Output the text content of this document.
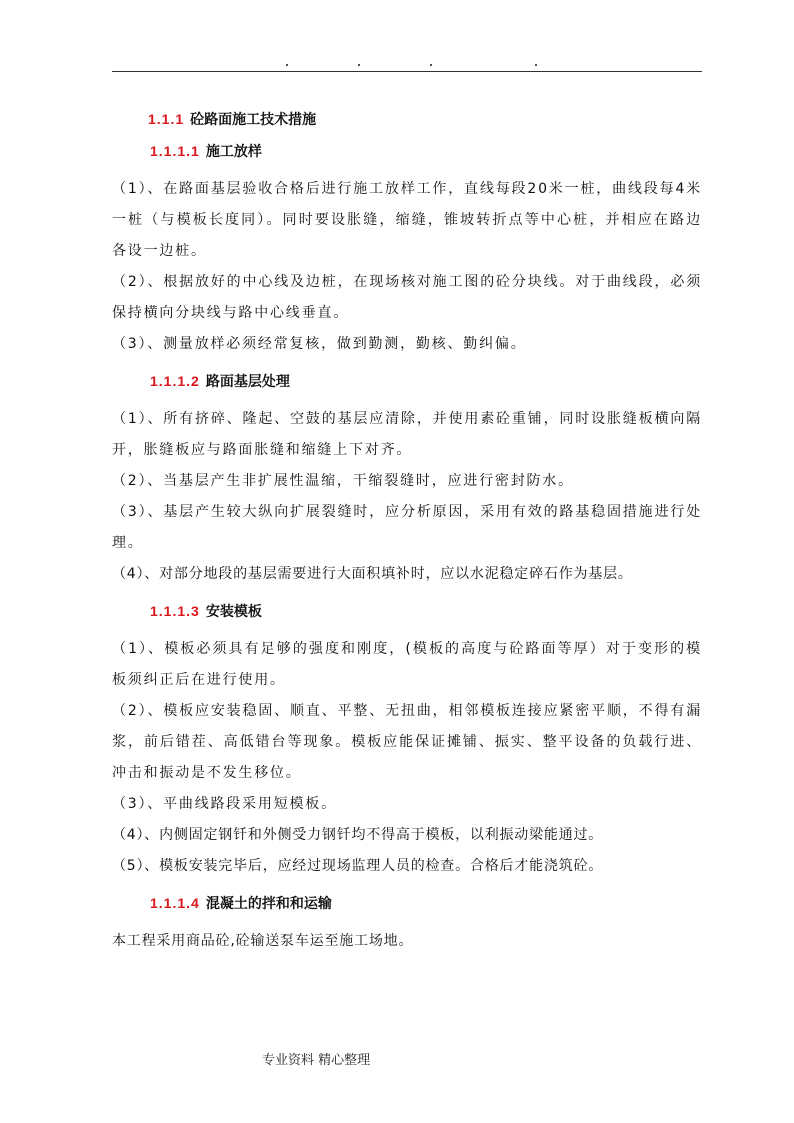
1.1.1 砼路面施工技术措施
1.1.1.1 施工放样

（1）、在路面基层验收合格后进行施工放样工作，直线每段20米一桩，曲线段每4米一桩（与模板长度同）。同时要设胀缝，缩缝，锥坡转折点等中心桩，并相应在路边各设一边桩。

（2）、根据放好的中心线及边桩，在现场核对施工图的砼分块线。对于曲线段，必须保持横向分块线与路中心线垂直。

（3）、测量放样必须经常复核，做到勤测，勤核、勤纠偏。

1.1.1.2 路面基层处理

（1）、所有挤碎、隆起、空鼓的基层应清除，并使用素砼重铺，同时设胀缝板横向隔开，胀缝板应与路面胀缝和缩缝上下对齐。

（2）、当基层产生非扩展性温缩，干缩裂缝时，应进行密封防水。

（3）、基层产生较大纵向扩展裂缝时，应分析原因，采用有效的路基稳固措施进行处理。

（4）、对部分地段的基层需要进行大面积填补时，应以水泥稳定碎石作为基层。

1.1.1.3 安装模板

（1）、模板必须具有足够的强度和刚度，(模板的高度与砼路面等厚）对于变形的模板须纠正后在进行使用。

（2）、模板应安装稳固、顺直、平整、无扭曲，相邻模板连接应紧密平顺，不得有漏浆，前后错茬、高低错台等现象。模板应能保证摊铺、振实、整平设备的负载行进、冲击和振动是不发生移位。

（3）、平曲线路段采用短模板。

（4）、内侧固定钢钎和外侧受力钢钎均不得高于模板，以利振动梁能通过。

（5）、模板安装完毕后，应经过现场监理人员的检查。合格后才能浇筑砼。

1.1.1.4 混凝土的拌和和运输

本工程采用商品砼,砼输送泵车运至施工场地。

专业资料 精心整理
